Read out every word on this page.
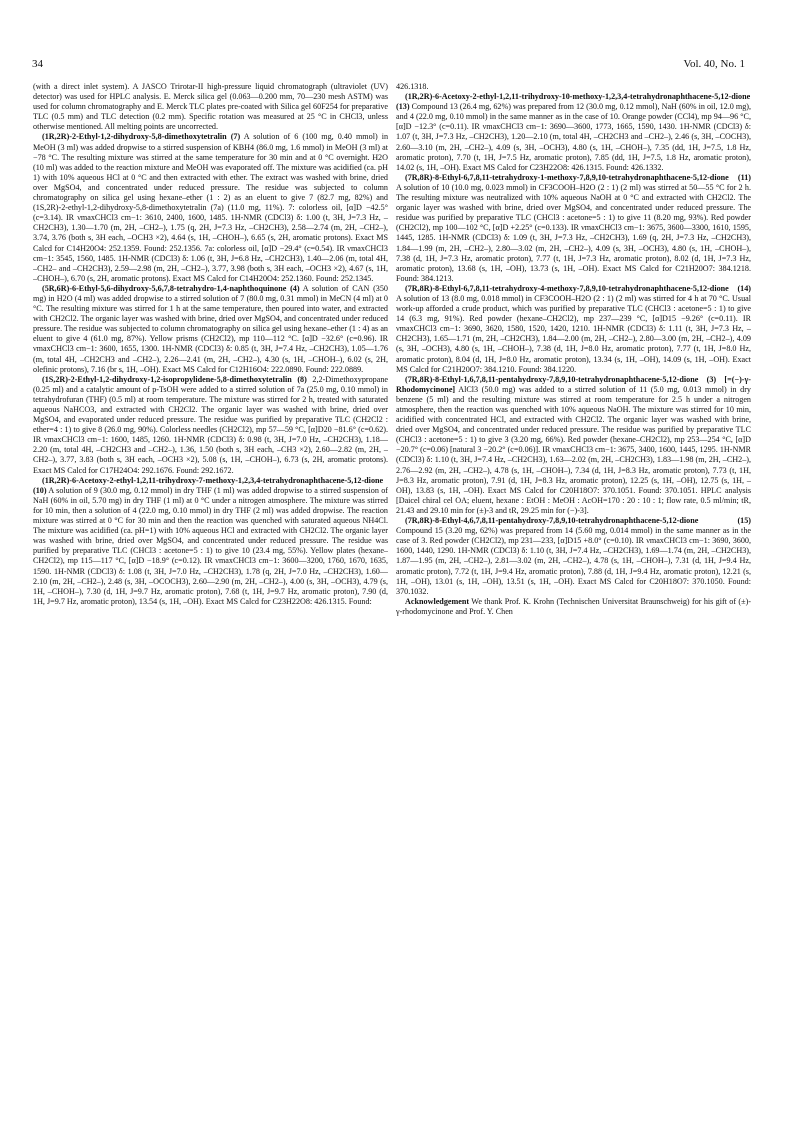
34	Vol. 40, No. 1

(with a direct inlet system). A JASCO Trirotar-II high-pressure liquid chromatograph (ultraviolet (UV) detector) was used for HPLC analysis. E. Merck silica gel (0.063—0.200 mm, 70—230 mesh ASTM) was used for column chromatography and E. Merck TLC plates pre-coated with Silica gel 60F254 for preparative TLC (0.5 mm) and TLC detection (0.2 mm). Specific rotation was measured at 25 °C in CHCl3, unless otherwise mentioned. All melting points are uncorrected.

(1R,2R)-2-Ethyl-1,2-dihydroxy-5,8-dimethoxytetralin (7) A solution of 6 (100 mg, 0.40 mmol) in MeOH (3 ml) was added dropwise to a stirred suspension of KBH4 (86.0 mg, 1.6 mmol) in MeOH (3 ml) at −78 °C. The resulting mixture was stirred at the same temperature for 30 min and at 0 °C overnight. H2O (10 ml) was added to the reaction mixture and MeOH was evaporated off. The mixture was acidified (ca. pH 1) with 10% aqueous HCl at 0 °C and then extracted with ether. The extract was washed with brine, dried over MgSO4, and concentrated under reduced pressure. The residue was subjected to column chromatography on silica gel using hexane–ether (1 : 2) as an eluent to give 7 (82.7 mg, 82%) and (1S,2R)-2-ethyl-1,2-dihydroxy-5,8-dimethoxytetralin (7a) (11.0 mg, 11%). 7: colorless oil, [α]D −42.5° (c=3.14). IR νmaxCHCl3 cm−1: 3610, 2400, 1600, 1485. 1H-NMR (CDCl3) δ: 1.00 (t, 3H, J=7.3 Hz, –CH2CH3), 1.30—1.70 (m, 2H, –CH2–), 1.75 (q, 2H, J=7.3 Hz, –CH2CH3), 2.58—2.74 (m, 2H, –CH2–), 3.74, 3.76 (both s, 3H each, –OCH3 ×2), 4.64 (s, 1H, –CHOH–), 6.65 (s, 2H, aromatic protons). Exact MS Calcd for C14H20O4: 252.1359. Found: 252.1356. 7a: colorless oil, [α]D −29.4° (c=0.54). IR νmaxCHCl3 cm−1: 3545, 1560, 1485. 1H-NMR (CDCl3) δ: 1.06 (t, 3H, J=6.8 Hz, –CH2CH3), 1.40—2.06 (m, total 4H, –CH2– and –CH2CH3), 2.59—2.98 (m, 2H, –CH2–), 3.77, 3.98 (both s, 3H each, –OCH3 ×2), 4.67 (s, 1H, –CHOH–), 6.70 (s, 2H, aromatic protons). Exact MS Calcd for C14H20O4: 252.1360. Found: 252.1345.

(5R,6R)-6-Ethyl-5,6-dihydroxy-5,6,7,8-tetrahydro-1,4-naphthoquinone (4) A solution of CAN (350 mg) in H2O (4 ml) was added dropwise to a stirred solution of 7 (80.0 mg, 0.31 mmol) in MeCN (4 ml) at 0 °C. The resulting mixture was stirred for 1 h at the same temperature, then poured into water, and extracted with CH2Cl2. The organic layer was washed with brine, dried over MgSO4, and concentrated under reduced pressure. The residue was subjected to column chromatography on silica gel using hexane–ether (1 : 4) as an eluent to give 4 (61.0 mg, 87%). Yellow prisms (CH2Cl2), mp 110—112 °C. [α]D −32.6° (c=0.96). IR νmaxCHCl3 cm−1: 3600, 1655, 1300. 1H-NMR (CDCl3) δ: 0.85 (t, 3H, J=7.4 Hz, –CH2CH3), 1.05—1.76 (m, total 4H, –CH2CH3 and –CH2–), 2.26—2.41 (m, 2H, –CH2–), 4.30 (s, 1H, –CHOH–), 6.02 (s, 2H, olefinic protons), 7.16 (br s, 1H, –OH). Exact MS Calcd for C12H16O4: 222.0890. Found: 222.0889.

(1S,2R)-2-Ethyl-1,2-dihydroxy-1,2-isopropylidene-5,8-dimethoxytetralin (8) 2,2-Dimethoxypropane (0.25 ml) and a catalytic amount of p-TsOH were added to a stirred solution of 7a (25.0 mg, 0.10 mmol) in tetrahydrofuran (THF) (0.5 ml) at room temperature. The mixture was stirred for 2 h, treated with saturated aqueous NaHCO3, and extracted with CH2Cl2. The organic layer was washed with brine, dried over MgSO4, and evaporated under reduced pressure. The residue was purified by preparative TLC (CH2Cl2 : ether=4 : 1) to give 8 (26.0 mg, 90%). Colorless needles (CH2Cl2), mp 57—59 °C, [α]D20 −81.6° (c=0.62). IR νmaxCHCl3 cm−1: 1600, 1485, 1260. 1H-NMR (CDCl3) δ: 0.98 (t, 3H, J=7.0 Hz, –CH2CH3), 1.18—2.20 (m, total 4H, –CH2CH3 and –CH2–), 1.36, 1.50 (both s, 3H each, –CH3 ×2), 2.60—2.82 (m, 2H, –CH2–), 3.77, 3.83 (both s, 3H each, –OCH3 ×2), 5.08 (s, 1H, –CHOH–), 6.73 (s, 2H, aromatic protons). Exact MS Calcd for C17H24O4: 292.1676. Found: 292.1672.

(1R,2R)-6-Acetoxy-2-ethyl-1,2,11-trihydroxy-7-methoxy-1,2,3,4-tetrahydronaphthacene-5,12-dione (10) A solution of 9 (30.0 mg, 0.12 mmol) in dry THF (1 ml) was added dropwise to a stirred suspension of NaH (60% in oil, 5.70 mg) in dry THF (1 ml) at 0 °C under a nitrogen atmosphere. The mixture was stirred for 10 min, then a solution of 4 (22.0 mg, 0.10 mmol) in dry THF (2 ml) was added dropwise. The reaction mixture was stirred at 0 °C for 30 min and then the reaction was quenched with saturated aqueous NH4Cl. The mixture was acidified (ca. pH=1) with 10% aqueous HCl and extracted with CH2Cl2. The organic layer was washed with brine, dried over MgSO4, and concentrated under reduced pressure. The residue was purified by preparative TLC (CHCl3 : acetone=5 : 1) to give 10 (23.4 mg, 55%). Yellow plates (hexane–CH2Cl2), mp 115—117 °C, [α]D −18.9° (c=0.12). IR νmaxCHCl3 cm−1: 3600—3200, 1760, 1670, 1635, 1590. 1H-NMR (CDCl3) δ: 1.08 (t, 3H, J=7.0 Hz, –CH2CH3), 1.78 (q, 2H, J=7.0 Hz, –CH2CH3), 1.60—2.10 (m, 2H, –CH2–), 2.48 (s, 3H, –OCOCH3), 2.60—2.90 (m, 2H, –CH2–), 4.00 (s, 3H, –OCH3), 4.79 (s, 1H, –CHOH–), 7.30 (d, 1H, J=9.7 Hz, aromatic proton), 7.68 (t, 1H, J=9.7 Hz, aromatic proton), 7.90 (d, 1H, J=9.7 Hz, aromatic proton), 13.54 (s, 1H, –OH). Exact MS Calcd for C23H22O8: 426.1315. Found:

426.1318.

(1R,2R)-6-Acetoxy-2-ethyl-1,2,11-trihydroxy-10-methoxy-1,2,3,4-tetrahydronaphthacene-5,12-dione (13) Compound 13 (26.4 mg, 62%) was prepared from 12 (30.0 mg, 0.12 mmol), NaH (60% in oil, 12.0 mg), and 4 (22.0 mg, 0.10 mmol) in the same manner as in the case of 10. Orange powder (CCl4), mp 94—96 °C, [α]D −12.3° (c=0.11). IR νmaxCHCl3 cm−1: 3690—3600, 1773, 1665, 1590, 1430. 1H-NMR (CDCl3) δ: 1.07 (t, 3H, J=7.3 Hz, –CH2CH3), 1.20—2.10 (m, total 4H, –CH2CH3 and –CH2–), 2.46 (s, 3H, –COCH3), 2.60—3.10 (m, 2H, –CH2–), 4.09 (s, 3H, –OCH3), 4.80 (s, 1H, –CHOH–), 7.35 (dd, 1H, J=7.5, 1.8 Hz, aromatic proton), 7.70 (t, 1H, J=7.5 Hz, aromatic proton), 7.85 (dd, 1H, J=7.5, 1.8 Hz, aromatic proton), 14.02 (s, 1H, –OH). Exact MS Calcd for C23H22O8: 426.1315. Found: 426.1332.

(7R,8R)-8-Ethyl-6,7,8,11-tetrahydroxy-1-methoxy-7,8,9,10-tetrahydronaphthacene-5,12-dione (11) A solution of 10 (10.0 mg, 0.023 mmol) in CF3COOH–H2O (2 : 1) (2 ml) was stirred at 50—55 °C for 2 h. The resulting mixture was neutralized with 10% aqueous NaOH at 0 °C and extracted with CH2Cl2. The organic layer was washed with brine, dried over MgSO4, and concentrated under reduced pressure. The residue was purified by preparative TLC (CHCl3 : acetone=5 : 1) to give 11 (8.20 mg, 93%). Red powder (CH2Cl2), mp 100—102 °C, [α]D +2.25° (c=0.133). IR νmaxCHCl3 cm−1: 3675, 3600—3300, 1610, 1595, 1445, 1285. 1H-NMR (CDCl3) δ: 1.09 (t, 3H, J=7.3 Hz, –CH2CH3), 1.69 (q, 2H, J=7.3 Hz, –CH2CH3), 1.84—1.99 (m, 2H, –CH2–), 2.80—3.02 (m, 2H, –CH2–), 4.09 (s, 3H, –OCH3), 4.80 (s, 1H, –CHOH–), 7.38 (d, 1H, J=7.3 Hz, aromatic proton), 7.77 (t, 1H, J=7.3 Hz, aromatic proton), 8.02 (d, 1H, J=7.3 Hz, aromatic proton), 13.68 (s, 1H, –OH), 13.73 (s, 1H, –OH). Exact MS Calcd for C21H20O7: 384.1218. Found: 384.1213.

(7R,8R)-8-Ethyl-6,7,8,11-tetrahydroxy-4-methoxy-7,8,9,10-tetrahydronaphthacene-5,12-dione (14) A solution of 13 (8.0 mg, 0.018 mmol) in CF3COOH–H2O (2 : 1) (2 ml) was stirred for 4 h at 70 °C. Usual work-up afforded a crude product, which was purified by preparative TLC (CHCl3 : acetone=5 : 1) to give 14 (6.3 mg, 91%). Red powder (hexane–CH2Cl2), mp 237—239 °C, [α]D15 −9.26° (c=0.11). IR νmaxCHCl3 cm−1: 3690, 3620, 1580, 1520, 1420, 1210. 1H-NMR (CDCl3) δ: 1.11 (t, 3H, J=7.3 Hz, –CH2CH3), 1.65—1.71 (m, 2H, –CH2CH3), 1.84—2.00 (m, 2H, –CH2–), 2.80—3.00 (m, 2H, –CH2–), 4.09 (s, 3H, –OCH3), 4.80 (s, 1H, –CHOH–), 7.38 (d, 1H, J=8.0 Hz, aromatic proton), 7.77 (t, 1H, J=8.0 Hz, aromatic proton), 8.04 (d, 1H, J=8.0 Hz, aromatic proton), 13.34 (s, 1H, –OH), 14.09 (s, 1H, –OH). Exact MS Calcd for C21H20O7: 384.1210. Found: 384.1220.

(7R,8R)-8-Ethyl-1,6,7,8,11-pentahydroxy-7,8,9,10-tetrahydronaphthacene-5,12-dione (3) [=(−)-γ-Rhodomycinone] AlCl3 (50.0 mg) was added to a stirred solution of 11 (5.0 mg, 0.013 mmol) in dry benzene (5 ml) and the resulting mixture was stirred at room temperature for 2.5 h under a nitrogen atmosphere, then the reaction was quenched with 10% aqueous NaOH. The mixture was stirred for 10 min, acidified with concentrated HCl, and extracted with CH2Cl2. The organic layer was washed with brine, dried over MgSO4, and concentrated under reduced pressure. The residue was purified by preparative TLC (CHCl3 : acetone=5 : 1) to give 3 (3.20 mg, 66%). Red powder (hexane–CH2Cl2), mp 253—254 °C, [α]D −20.7° (c=0.06) [natural 3 −20.2° (c=0.06)]. IR νmaxCHCl3 cm−1: 3675, 3400, 1600, 1445, 1295. 1H-NMR (CDCl3) δ: 1.10 (t, 3H, J=7.4 Hz, –CH2CH3), 1.63—2.02 (m, 2H, –CH2CH3), 1.83—1.98 (m, 2H, –CH2–), 2.76—2.92 (m, 2H, –CH2–), 4.78 (s, 1H, –CHOH–), 7.34 (d, 1H, J=8.3 Hz, aromatic proton), 7.73 (t, 1H, J=8.3 Hz, aromatic proton), 7.91 (d, 1H, J=8.3 Hz, aromatic proton), 12.25 (s, 1H, –OH), 12.75 (s, 1H, –OH), 13.83 (s, 1H, –OH). Exact MS Calcd for C20H18O7: 370.1051. Found: 370.1051. HPLC analysis [Daicel chiral cel OA; eluent, hexane : EtOH : MeOH : AcOH=170 : 20 : 10 : 1; flow rate, 0.5 ml/min; tR, 21.43 and 29.10 min for (±)-3 and tR, 29.25 min for (−)-3].

(7R,8R)-8-Ethyl-4,6,7,8,11-pentahydroxy-7,8,9,10-tetrahydronaphthacene-5,12-dione (15) Compound 15 (3.20 mg, 62%) was prepared from 14 (5.60 mg, 0.014 mmol) in the same manner as in the case of 3. Red powder (CH2Cl2), mp 231—233, [α]D15 +8.0° (c=0.10). IR νmaxCHCl3 cm−1: 3690, 3600, 1600, 1440, 1290. 1H-NMR (CDCl3) δ: 1.10 (t, 3H, J=7.4 Hz, –CH2CH3), 1.69—1.74 (m, 2H, –CH2CH3), 1.87—1.95 (m, 2H, –CH2–), 2.81—3.02 (m, 2H, –CH2–), 4.78 (s, 1H, –CHOH–), 7.31 (d, 1H, J=9.4 Hz, aromatic proton), 7.72 (t, 1H, J=9.4 Hz, aromatic proton), 7.88 (d, 1H, J=9.4 Hz, aromatic proton), 12.21 (s, 1H, –OH), 13.01 (s, 1H, –OH), 13.51 (s, 1H, –OH). Exact MS Calcd for C20H18O7: 370.1050. Found: 370.1032.

Acknowledgement We thank Prof. K. Krohn (Technischen Universitat Braunschweig) for his gift of (±)-γ-rhodomycinone and Prof. Y. Chen
